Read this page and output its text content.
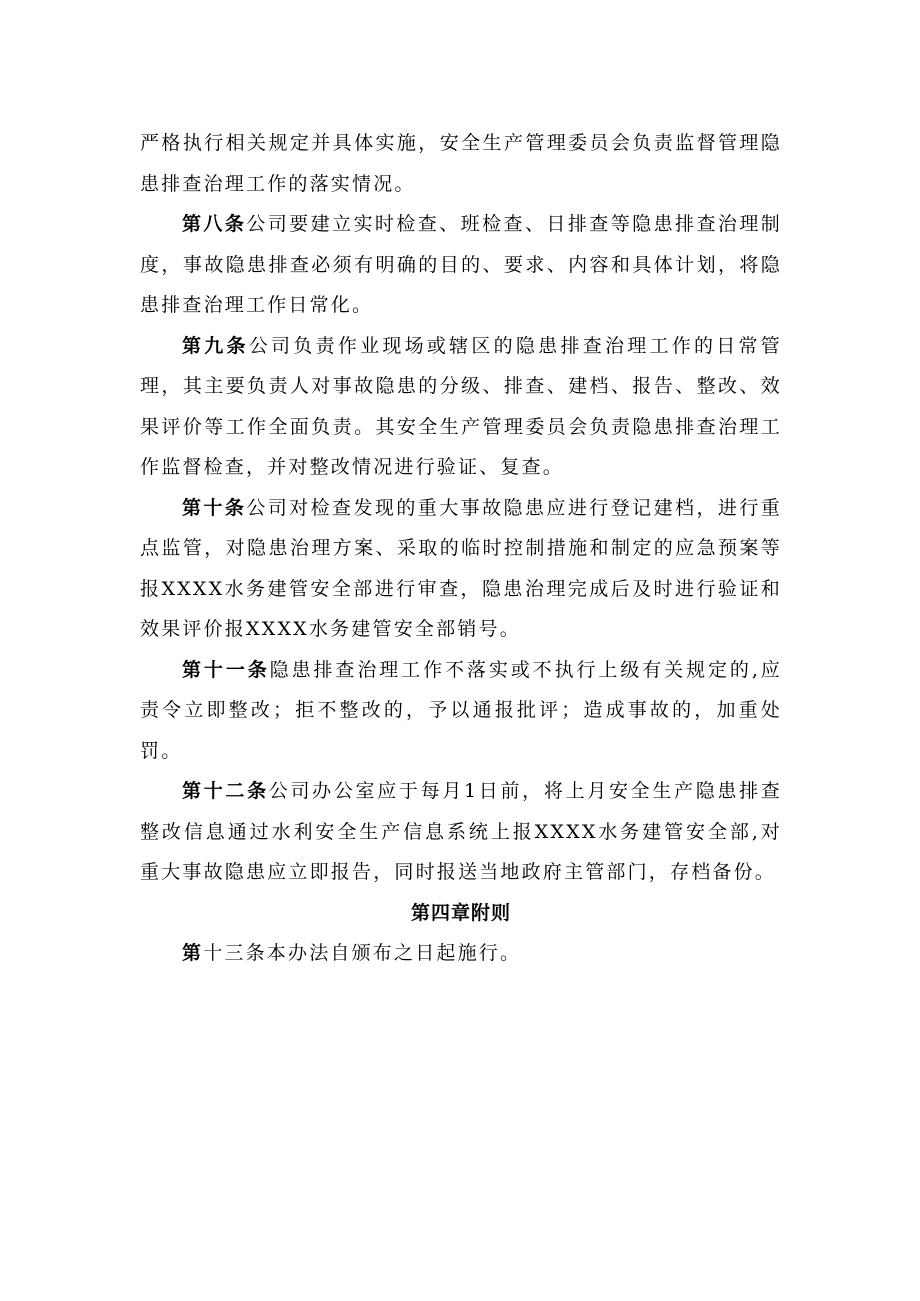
严格执行相关规定并具体实施，安全生产管理委员会负责监督管理隐患排查治理工作的落实情况。

第八条公司要建立实时检查、班检查、日排查等隐患排查治理制度，事故隐患排查必须有明确的目的、要求、内容和具体计划，将隐患排查治理工作日常化。

第九条公司负责作业现场或辖区的隐患排查治理工作的日常管理，其主要负责人对事故隐患的分级、排查、建档、报告、整改、效果评价等工作全面负责。其安全生产管理委员会负责隐患排查治理工作监督检查，并对整改情况进行验证、复查。

第十条公司对检查发现的重大事故隐患应进行登记建档，进行重点监管，对隐患治理方案、采取的临时控制措施和制定的应急预案等报XXXX水务建管安全部进行审查，隐患治理完成后及时进行验证和效果评价报XXXX水务建管安全部销号。

第十一条隐患排查治理工作不落实或不执行上级有关规定的,应责令立即整改；拒不整改的，予以通报批评；造成事故的，加重处罚。

第十二条公司办公室应于每月1日前，将上月安全生产隐患排查整改信息通过水利安全生产信息系统上报XXXX水务建管安全部,对重大事故隐患应立即报告，同时报送当地政府主管部门，存档备份。

第四章附则

第十三条本办法自颁布之日起施行。
